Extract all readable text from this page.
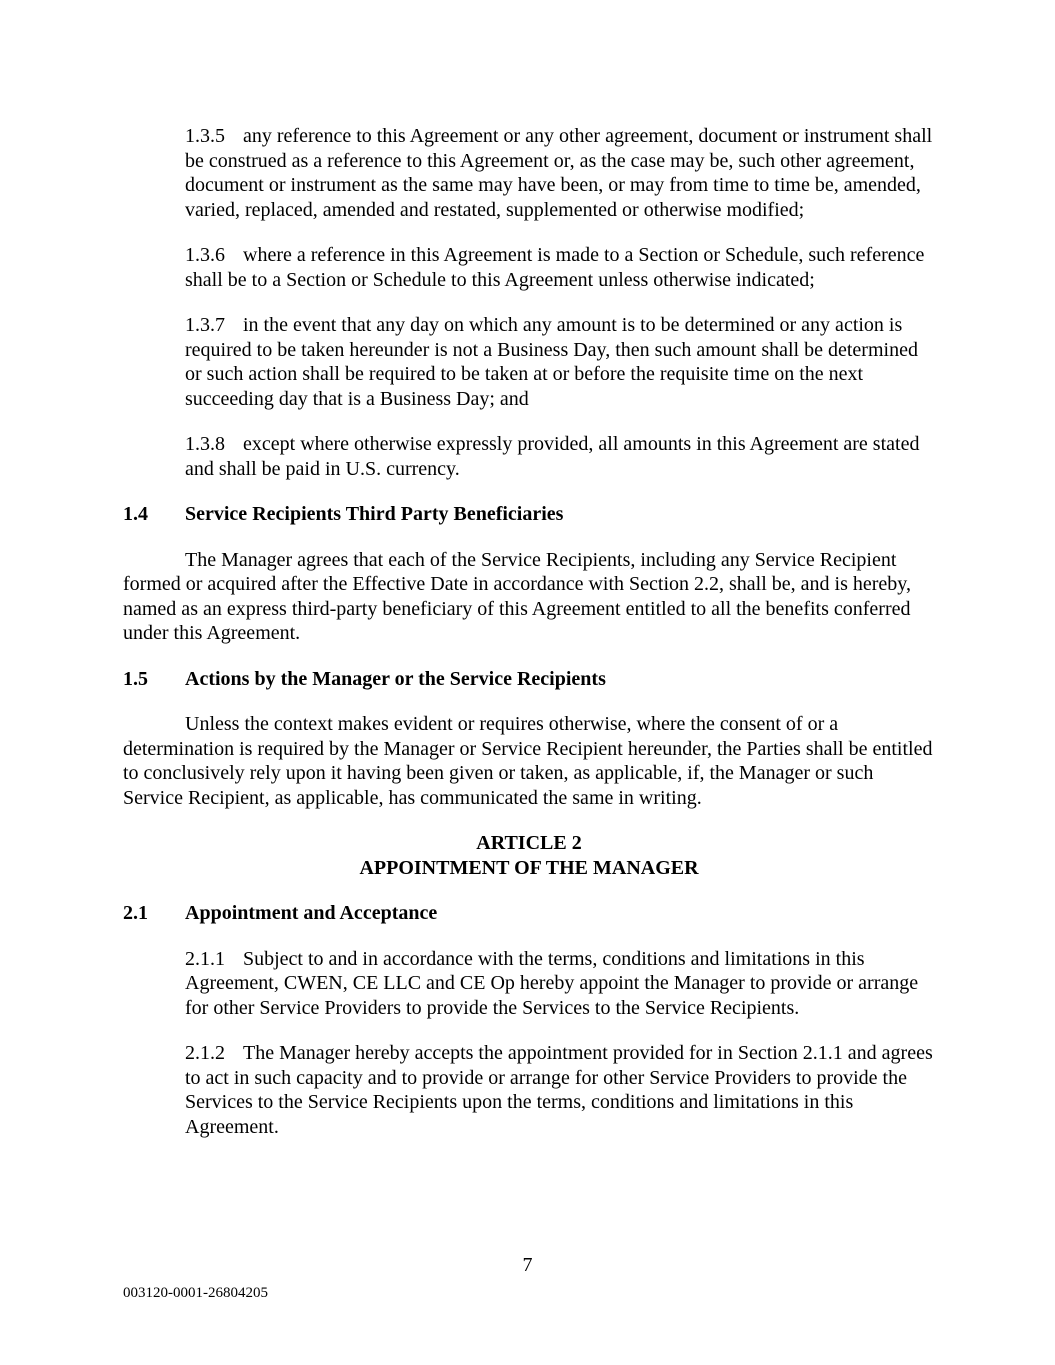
1.3.5 any reference to this Agreement or any other agreement, document or instrument shall be construed as a reference to this Agreement or, as the case may be, such other agreement, document or instrument as the same may have been, or may from time to time be, amended, varied, replaced, amended and restated, supplemented or otherwise modified;

1.3.6 where a reference in this Agreement is made to a Section or Schedule, such reference shall be to a Section or Schedule to this Agreement unless otherwise indicated;

1.3.7 in the event that any day on which any amount is to be determined or any action is required to be taken hereunder is not a Business Day, then such amount shall be determined or such action shall be required to be taken at or before the requisite time on the next succeeding day that is a Business Day; and

1.3.8 except where otherwise expressly provided, all amounts in this Agreement are stated and shall be paid in U.S. currency.

1.4 Service Recipients Third Party Beneficiaries

The Manager agrees that each of the Service Recipients, including any Service Recipient formed or acquired after the Effective Date in accordance with Section 2.2, shall be, and is hereby, named as an express third-party beneficiary of this Agreement entitled to all the benefits conferred under this Agreement.

1.5 Actions by the Manager or the Service Recipients

Unless the context makes evident or requires otherwise, where the consent of or a determination is required by the Manager or Service Recipient hereunder, the Parties shall be entitled to conclusively rely upon it having been given or taken, as applicable, if, the Manager or such Service Recipient, as applicable, has communicated the same in writing.

ARTICLE 2
APPOINTMENT OF THE MANAGER

2.1 Appointment and Acceptance

2.1.1 Subject to and in accordance with the terms, conditions and limitations in this Agreement, CWEN, CE LLC and CE Op hereby appoint the Manager to provide or arrange for other Service Providers to provide the Services to the Service Recipients.

2.1.2 The Manager hereby accepts the appointment provided for in Section 2.1.1 and agrees to act in such capacity and to provide or arrange for other Service Providers to provide the Services to the Service Recipients upon the terms, conditions and limitations in this Agreement.

7
003120-0001-26804205
